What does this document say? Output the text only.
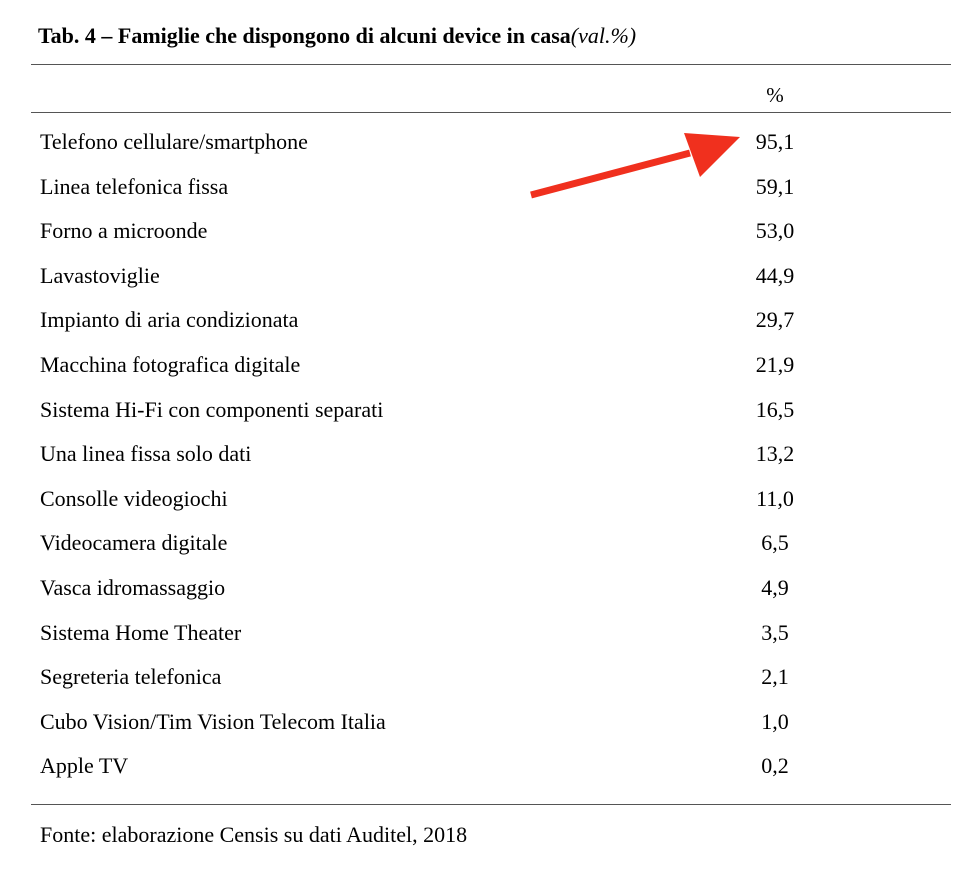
Tab. 4 – Famiglie che dispongono di alcuni device in casa(val.%)
%
Telefono cellulare/smartphone	95,1
Linea telefonica fissa	59,1
Forno a microonde	53,0
Lavastoviglie	44,9
Impianto di aria condizionata	29,7
Macchina fotografica digitale	21,9
Sistema Hi-Fi con componenti separati	16,5
Una linea fissa solo dati	13,2
Consolle videogiochi	11,0
Videocamera digitale	6,5
Vasca idromassaggio	4,9
Sistema Home Theater	3,5
Segreteria telefonica	2,1
Cubo Vision/Tim Vision Telecom Italia	1,0
Apple TV	0,2
Fonte: elaborazione Censis su dati Auditel, 2018
